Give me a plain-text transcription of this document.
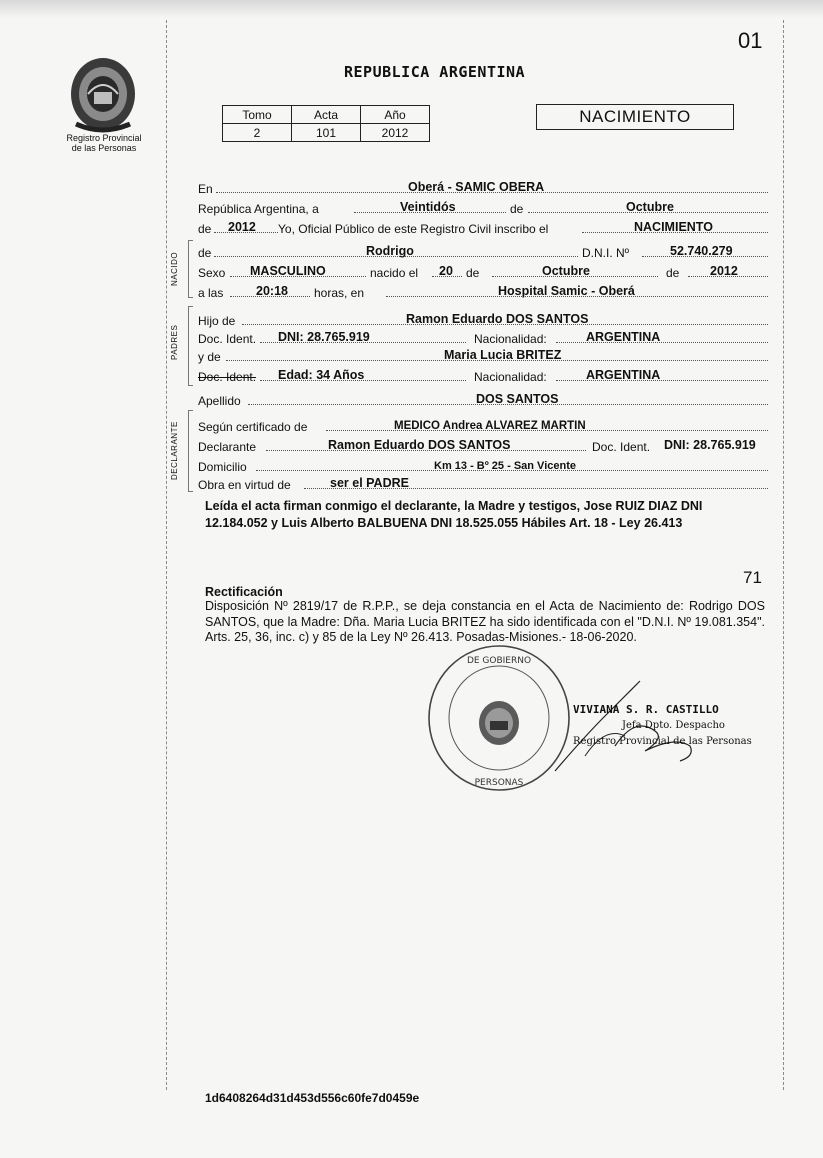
01
Registro Provincial
de las Personas
REPUBLICA ARGENTINA
Tomo	Acta	Año
2	101	2012
NACIMIENTO
NACIDO
PADRES
DECLARANTE
En	Oberá - SAMIC OBERA
República Argentina, a	Veintidós	de	Octubre
de 2012 Yo, Oficial Público de este Registro Civil inscribo el	NACIMIENTO
de	Rodrigo	D.N.I. Nº	52.740.279
Sexo MASCULINO	nacido el 20 de	Octubre	de 2012
a las	20:18 horas, en	Hospital Samic - Oberá
Hijo de	Ramon Eduardo DOS SANTOS
Doc. Ident. DNI: 28.765.919	Nacionalidad:	ARGENTINA
y de	Maria Lucia BRITEZ
Doc. Ident. Edad: 34 Años	Nacionalidad:	ARGENTINA
Apellido	DOS SANTOS
Según certificado de	MEDICO Andrea ALVAREZ MARTIN
Declarante	Ramon Eduardo DOS SANTOS	Doc. Ident. DNI: 28.765.919
Domicilio	Km 13 - Bº 25 - San Vicente
Obra en virtud de	ser el PADRE
Leída el acta firman conmigo el declarante, la Madre y testigos, Jose RUIZ DIAZ DNI 12.184.052 y Luis Alberto BALBUENA DNI 18.525.055 Hábiles Art. 18 - Ley 26.413
71
Rectificación
Disposición Nº 2819/17 de R.P.P., se deja constancia en el Acta de Nacimiento de: Rodrigo DOS SANTOS, que la Madre: Dña. Maria Lucia BRITEZ ha sido identificada con el "D.N.I. Nº 19.081.354". Arts. 25, 36, inc. c) y 85 de la Ley Nº 26.413. Posadas-Misiones.- 18-06-2020.
DE GOBIERNO
PERSONAS
VIVIANA S. R. CASTILLO
Jefa Dpto. Despacho
Registro Provincial de las Personas
1d6408264d31d453d556c60fe7d0459e
